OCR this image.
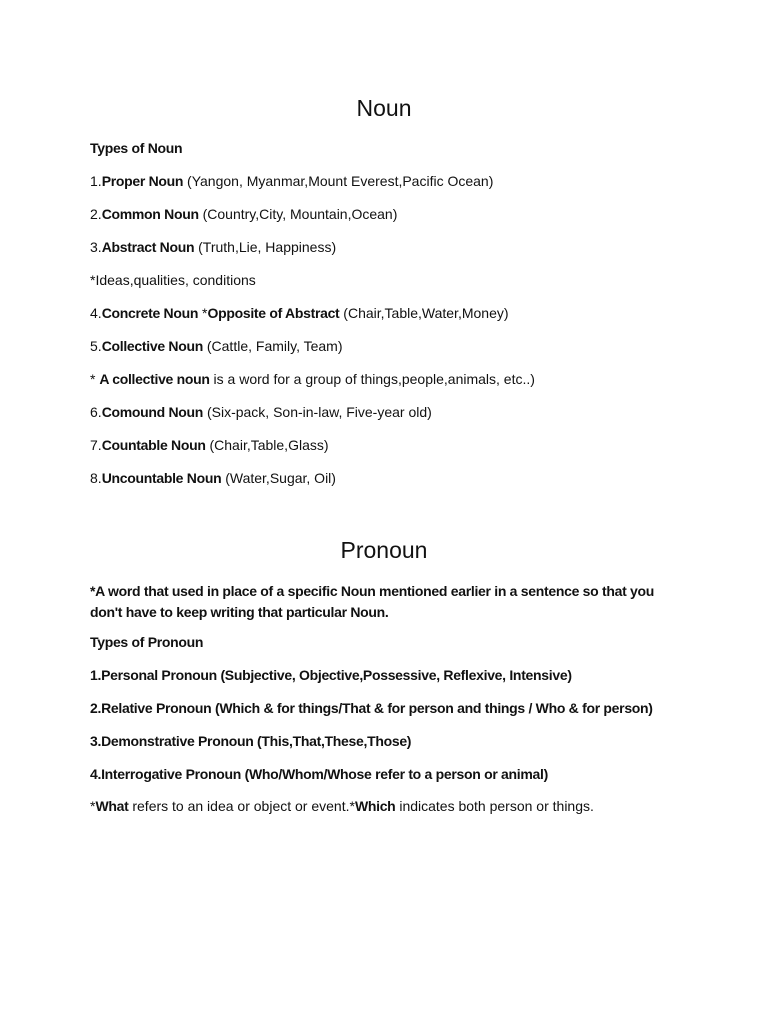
Noun

Types of Noun

1.Proper Noun (Yangon, Myanmar,Mount Everest,Pacific Ocean)

2.Common Noun (Country,City, Mountain,Ocean)

3.Abstract Noun (Truth,Lie, Happiness)

*Ideas,qualities, conditions

4.Concrete Noun *Opposite of Abstract (Chair,Table,Water,Money)

5.Collective Noun (Cattle, Family, Team)

* A collective noun is a word for a group of things,people,animals, etc..)

6.Comound Noun (Six-pack, Son-in-law, Five-year old)

7.Countable Noun (Chair,Table,Glass)

8.Uncountable Noun (Water,Sugar, Oil)

Pronoun

*A word that used in place of a specific Noun mentioned earlier in a sentence so that you don't have to keep writing that particular Noun.

Types of Pronoun

1.Personal Pronoun (Subjective, Objective,Possessive, Reflexive, Intensive)

2.Relative Pronoun (Which & for things/That & for person and things / Who & for person)

3.Demonstrative Pronoun (This,That,These,Those)

4.Interrogative Pronoun (Who/Whom/Whose refer to a person or animal)

*What refers to an idea or object or event.*Which indicates both person or things.
